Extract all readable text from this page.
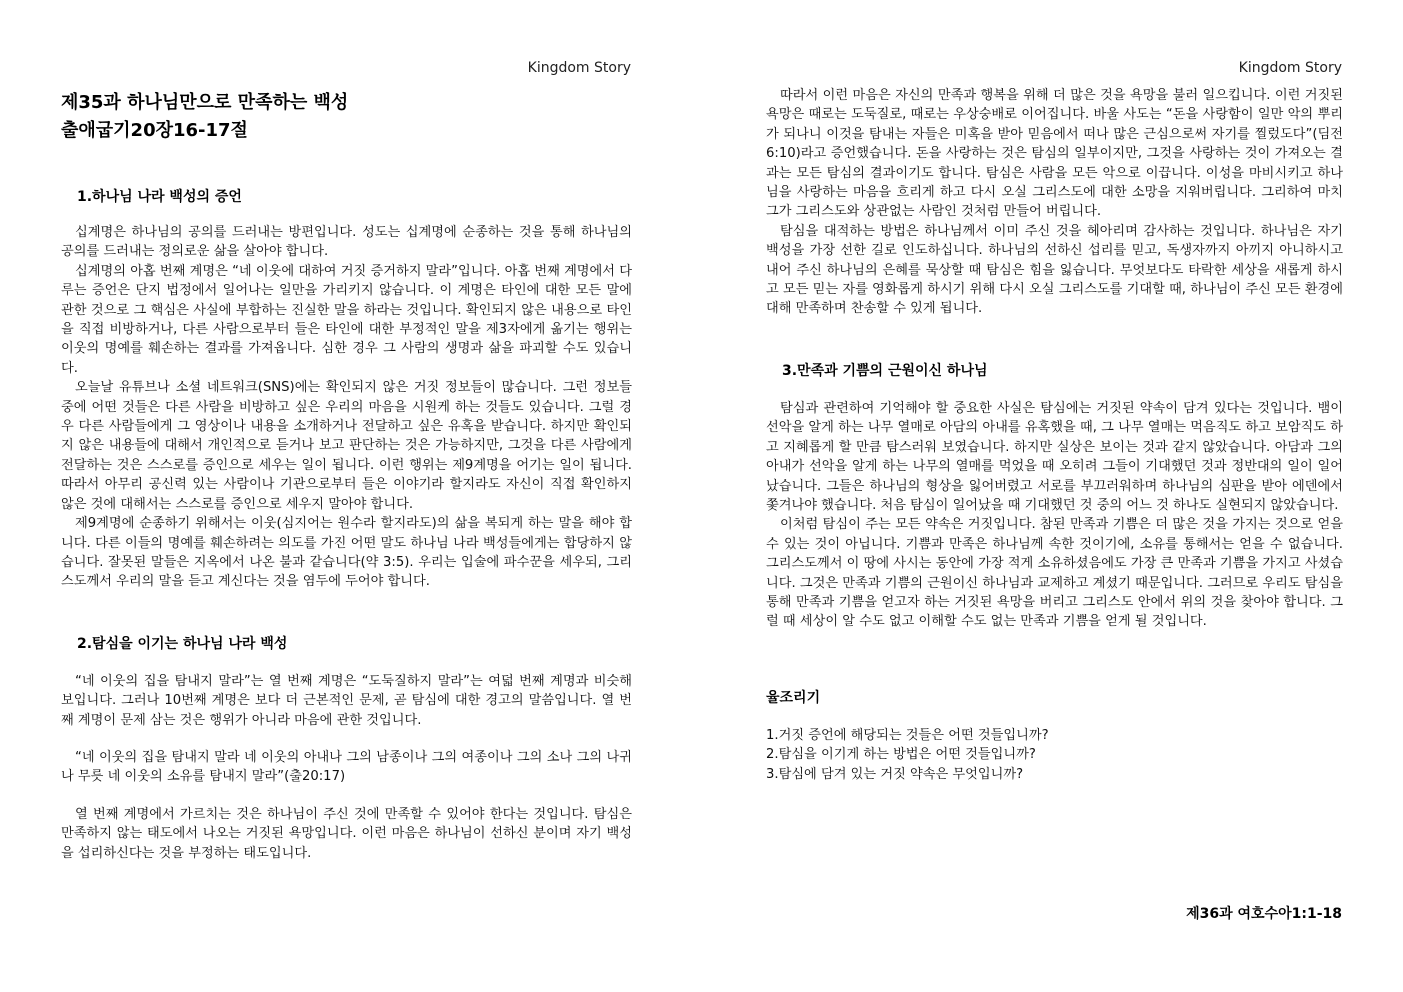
Kingdom Story
제35과 하나님만으로 만족하는 백성
출애굽기20장16-17절
1.하나님 나라 백성의 증언

십계명은 하나님의 공의를 드러내는 방편입니다. 성도는 십계명에 순종하는 것을 통해 하나님의 공의를 드러내는 정의로운 삶을 살아야 합니다.

십계명의 아홉 번째 계명은 “네 이웃에 대하여 거짓 증거하지 말라”입니다. 아홉 번째 계명에서 다루는 증언은 단지 법정에서 일어나는 일만을 가리키지 않습니다. 이 계명은 타인에 대한 모든 말에 관한 것으로 그 핵심은 사실에 부합하는 진실한 말을 하라는 것입니다. 확인되지 않은 내용으로 타인을 직접 비방하거나, 다른 사람으로부터 들은 타인에 대한 부정적인 말을 제3자에게 옮기는 행위는 이웃의 명예를 훼손하는 결과를 가져옵니다. 심한 경우 그 사람의 생명과 삶을 파괴할 수도 있습니다.

오늘날 유튜브나 소셜 네트워크(SNS)에는 확인되지 않은 거짓 정보들이 많습니다. 그런 정보들 중에 어떤 것들은 다른 사람을 비방하고 싶은 우리의 마음을 시원케 하는 것들도 있습니다. 그럴 경우 다른 사람들에게 그 영상이나 내용을 소개하거나 전달하고 싶은 유혹을 받습니다. 하지만 확인되지 않은 내용들에 대해서 개인적으로 듣거나 보고 판단하는 것은 가능하지만, 그것을 다른 사람에게 전달하는 것은 스스로를 증인으로 세우는 일이 됩니다. 이런 행위는 제9계명을 어기는 일이 됩니다. 따라서 아무리 공신력 있는 사람이나 기관으로부터 들은 이야기라 할지라도 자신이 직접 확인하지 않은 것에 대해서는 스스로를 증인으로 세우지 말아야 합니다.

제9계명에 순종하기 위해서는 이웃(심지어는 원수라 할지라도)의 삶을 복되게 하는 말을 해야 합니다. 다른 이들의 명예를 훼손하려는 의도를 가진 어떤 말도 하나님 나라 백성들에게는 합당하지 않습니다. 잘못된 말들은 지옥에서 나온 불과 같습니다(약 3:5). 우리는 입술에 파수꾼을 세우되, 그리스도께서 우리의 말을 듣고 계신다는 것을 염두에 두어야 합니다.

2.탐심을 이기는 하나님 나라 백성

“네 이웃의 집을 탐내지 말라”는 열 번째 계명은 “도둑질하지 말라”는 여덟 번째 계명과 비슷해 보입니다. 그러나 10번째 계명은 보다 더 근본적인 문제, 곧 탐심에 대한 경고의 말씀입니다. 열 번째 계명이 문제 삼는 것은 행위가 아니라 마음에 관한 것입니다.

“네 이웃의 집을 탐내지 말라 네 이웃의 아내나 그의 남종이나 그의 여종이나 그의 소나 그의 나귀나 무릇 네 이웃의 소유를 탐내지 말라”(출20:17)

열 번째 계명에서 가르치는 것은 하나님이 주신 것에 만족할 수 있어야 한다는 것입니다. 탐심은 만족하지 않는 태도에서 나오는 거짓된 욕망입니다. 이런 마음은 하나님이 선하신 분이며 자기 백성을 섭리하신다는 것을 부정하는 태도입니다.

Kingdom Story

따라서 이런 마음은 자신의 만족과 행복을 위해 더 많은 것을 욕망을 불러 일으킵니다. 이런 거짓된 욕망은 때로는 도둑질로, 때로는 우상숭배로 이어집니다. 바울 사도는 “돈을 사랑함이 일만 악의 뿌리가 되나니 이것을 탐내는 자들은 미혹을 받아 믿음에서 떠나 많은 근심으로써 자기를 찔렀도다”(딤전6:10)라고 증언했습니다. 돈을 사랑하는 것은 탐심의 일부이지만, 그것을 사랑하는 것이 가져오는 결과는 모든 탐심의 결과이기도 합니다. 탐심은 사람을 모든 악으로 이끕니다. 이성을 마비시키고 하나님을 사랑하는 마음을 흐리게 하고 다시 오실 그리스도에 대한 소망을 지워버립니다. 그리하여 마치 그가 그리스도와 상관없는 사람인 것처럼 만들어 버립니다.

탐심을 대적하는 방법은 하나님께서 이미 주신 것을 헤아리며 감사하는 것입니다. 하나님은 자기 백성을 가장 선한 길로 인도하십니다. 하나님의 선하신 섭리를 믿고, 독생자까지 아끼지 아니하시고 내어 주신 하나님의 은혜를 묵상할 때 탐심은 힘을 잃습니다. 무엇보다도 타락한 세상을 새롭게 하시고 모든 믿는 자를 영화롭게 하시기 위해 다시 오실 그리스도를 기대할 때, 하나님이 주신 모든 환경에 대해 만족하며 찬송할 수 있게 됩니다.

3.만족과 기쁨의 근원이신 하나님

탐심과 관련하여 기억해야 할 중요한 사실은 탐심에는 거짓된 약속이 담겨 있다는 것입니다. 뱀이 선악을 알게 하는 나무 열매로 아담의 아내를 유혹했을 때, 그 나무 열매는 먹음직도 하고 보암직도 하고 지혜롭게 할 만큼 탐스러워 보였습니다. 하지만 실상은 보이는 것과 같지 않았습니다. 아담과 그의 아내가 선악을 알게 하는 나무의 열매를 먹었을 때 오히려 그들이 기대했던 것과 정반대의 일이 일어났습니다. 그들은 하나님의 형상을 잃어버렸고 서로를 부끄러워하며 하나님의 심판을 받아 에덴에서 쫓겨나야 했습니다. 처음 탐심이 일어났을 때 기대했던 것 중의 어느 것 하나도 실현되지 않았습니다.

이처럼 탐심이 주는 모든 약속은 거짓입니다. 참된 만족과 기쁨은 더 많은 것을 가지는 것으로 얻을 수 있는 것이 아닙니다. 기쁨과 만족은 하나님께 속한 것이기에, 소유를 통해서는 얻을 수 없습니다. 그리스도께서 이 땅에 사시는 동안에 가장 적게 소유하셨음에도 가장 큰 만족과 기쁨을 가지고 사셨습니다. 그것은 만족과 기쁨의 근원이신 하나님과 교제하고 계셨기 때문입니다. 그러므로 우리도 탐심을 통해 만족과 기쁨을 얻고자 하는 거짓된 욕망을 버리고 그리스도 안에서 위의 것을 찾아야 합니다. 그럴 때 세상이 알 수도 없고 이해할 수도 없는 만족과 기쁨을 얻게 될 것입니다.

율조리기

1.거짓 증언에 해당되는 것들은 어떤 것들입니까?

2.탐심을 이기게 하는 방법은 어떤 것들입니까?

3.탐심에 담겨 있는 거짓 약속은 무엇입니까?

제36과 여호수아1:1-18
